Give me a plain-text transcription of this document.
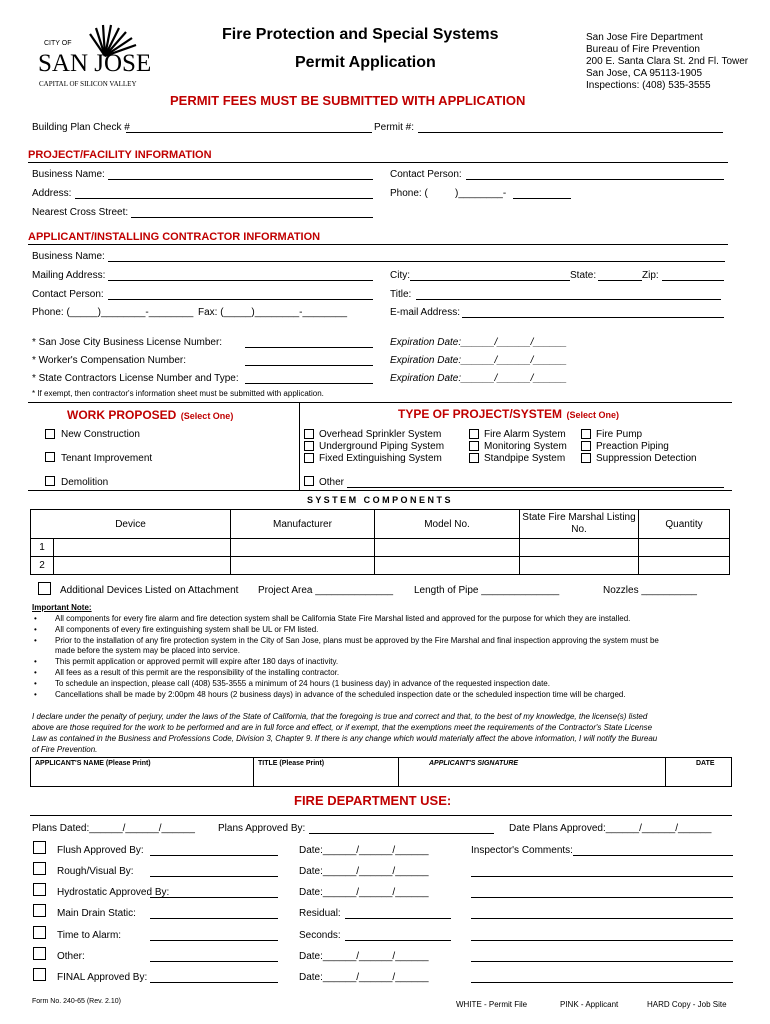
CITY OF
SAN JOSE
CAPITAL OF SILICON VALLEY
Fire Protection and Special Systems
Permit Application
San Jose Fire Department
Bureau of Fire Prevention
200 E. Santa Clara St. 2nd Fl. Tower
San Jose, CA 95113-1905
Inspections: (408) 535-3555
PERMIT FEES MUST BE SUBMITTED WITH APPLICATION
Building Plan Check #	Permit #:
PROJECT/FACILITY INFORMATION
Business Name:	Contact Person:
Address:	Phone: (	)________-
Nearest Cross Street:
APPLICANT/INSTALLING CONTRACTOR INFORMATION
Business Name:
Mailing Address:	City:	State:	Zip:
Contact Person:	Title:
Phone: (_____)________-________ Fax: (_____)________-________	E-mail Address:
* San Jose City Business License Number:	Expiration Date:______/______/______
* Worker's Compensation Number:	Expiration Date:______/______/______
* State Contractors License Number and Type:	Expiration Date:______/______/______
* If exempt, then contractor's information sheet must be submitted with application.
WORK PROPOSED (Select One)	TYPE OF PROJECT/SYSTEM (Select One)
New Construction
Tenant Improvement
Demolition
Overhead Sprinkler System
Underground Piping System
Fixed Extinguishing System
Fire Alarm System
Monitoring System
Standpipe System
Fire Pump
Preaction Piping
Suppression Detection
Other
S Y S T E M   C O M P O N E N T S
Device		Manufacturer	Model No.	State Fire Marshal Listing No.	Quantity
1					
2					
Additional Devices Listed on Attachment Project Area ______________ Length of Pipe ______________	Nozzles __________
Important Note:
• All components for every fire alarm and fire detection system shall be California State Fire Marshal listed and approved for the purpose for which they are installed.
• All components of every fire extinguishing system shall be UL or FM listed.
• Prior to the installation of any fire protection system in the City of San Jose, plans must be approved by the Fire Marshal and final inspection approving the system must be
made before the system may be placed into service.
• This permit application or approved permit will expire after 180 days of inactivity.
• All fees as a result of this permit are the responsibility of the installing contractor.
• To schedule an inspection, please call (408) 535-3555 a minimum of 24 hours (1 business day) in advance of the requested inspection date.
• Cancellations shall be made by 2:00pm 48 hours (2 business days) in advance of the scheduled inspection date or the scheduled inspection time will be charged.
I declare under the penalty of perjury, under the laws of the State of California, that the foregoing is true and correct and that, to the best of my knowledge, the license(s) listed
above are those required for the work to be performed and are in full force and effect, or if exempt, that the exemptions meet the requirements of the Contractor's State License
Law as contained in the Business and Professions Code, Division 3, Chapter 9. If there is any change which would materially affect the above information, I will notify the Bureau
of Fire Prevention.
APPLICANT'S NAME (Please Print)	TITLE (Please Print)	APPLICANT'S SIGNATURE	DATE
FIRE DEPARTMENT USE:
Plans Dated:______/______/______ Plans Approved By:	Date Plans Approved:______/______/______
Flush Approved By:	Date:______/______/______
Rough/Visual By:	Date:______/______/______
Hydrostatic Approved By:	Date:______/______/______
Main Drain Static:	Residual:
Time to Alarm:	Seconds:
Other:	Date:______/______/______
FINAL Approved By:	Date:______/______/______
Inspector's Comments:
Form No. 240-65 (Rev. 2.10)	WHITE - Permit File	PINK - Applicant	HARD Copy - Job Site
